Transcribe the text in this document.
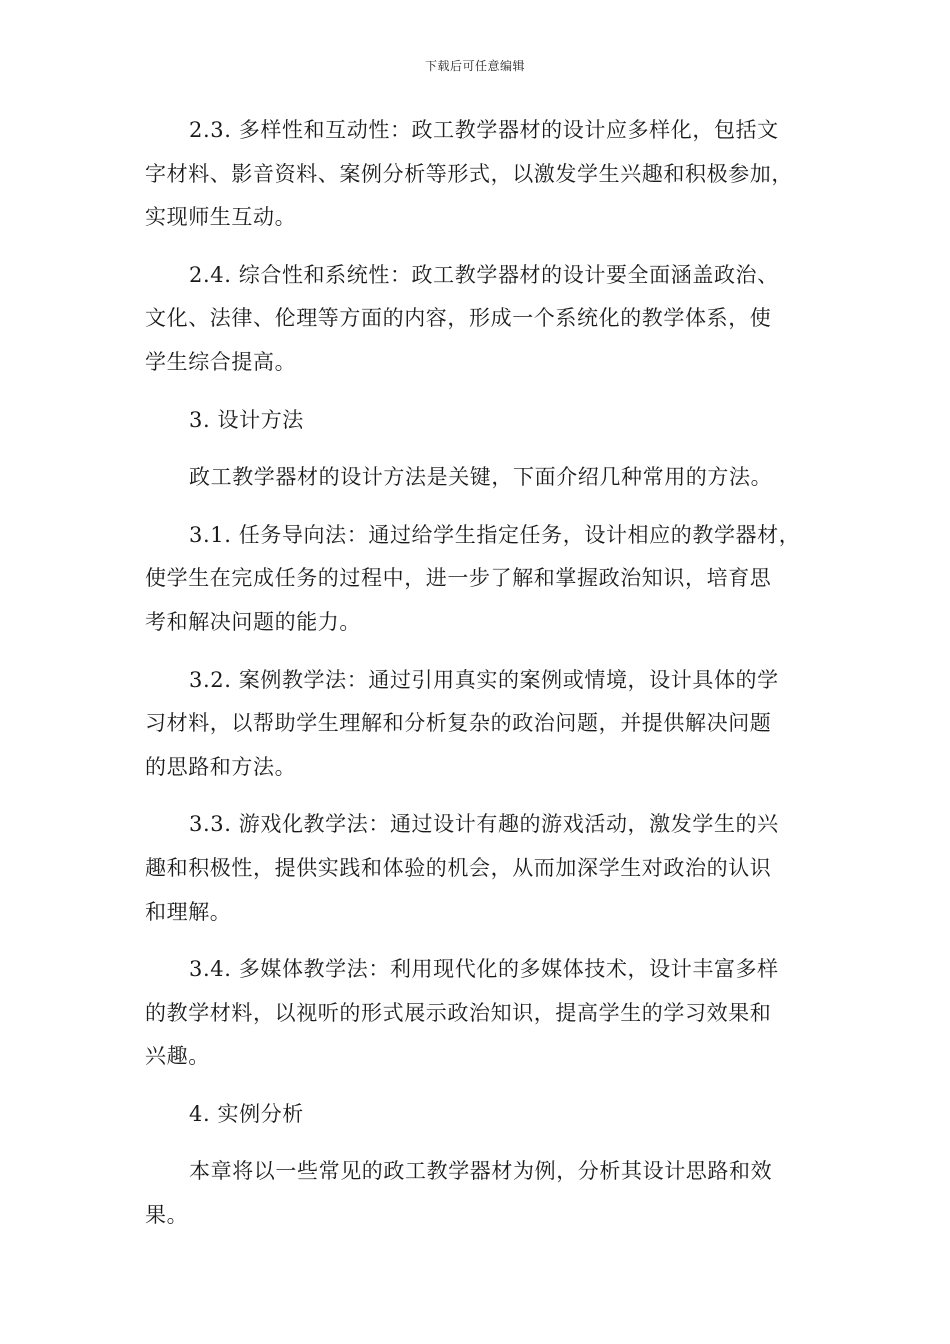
下载后可任意编辑

2.3. 多样性和互动性：政工教学器材的设计应多样化，包括文
字材料、影音资料、案例分析等形式，以激发学生兴趣和积极参加，
实现师生互动。

2.4. 综合性和系统性：政工教学器材的设计要全面涵盖政治、
文化、法律、伦理等方面的内容，形成一个系统化的教学体系，使
学生综合提高。

3. 设计方法

政工教学器材的设计方法是关键，下面介绍几种常用的方法。

3.1. 任务导向法：通过给学生指定任务，设计相应的教学器材，
使学生在完成任务的过程中，进一步了解和掌握政治知识，培育思
考和解决问题的能力。

3.2. 案例教学法：通过引用真实的案例或情境，设计具体的学
习材料，以帮助学生理解和分析复杂的政治问题，并提供解决问题
的思路和方法。

3.3. 游戏化教学法：通过设计有趣的游戏活动，激发学生的兴
趣和积极性，提供实践和体验的机会，从而加深学生对政治的认识
和理解。

3.4. 多媒体教学法：利用现代化的多媒体技术，设计丰富多样
的教学材料，以视听的形式展示政治知识，提高学生的学习效果和
兴趣。

4. 实例分析

本章将以一些常见的政工教学器材为例，分析其设计思路和效
果。
